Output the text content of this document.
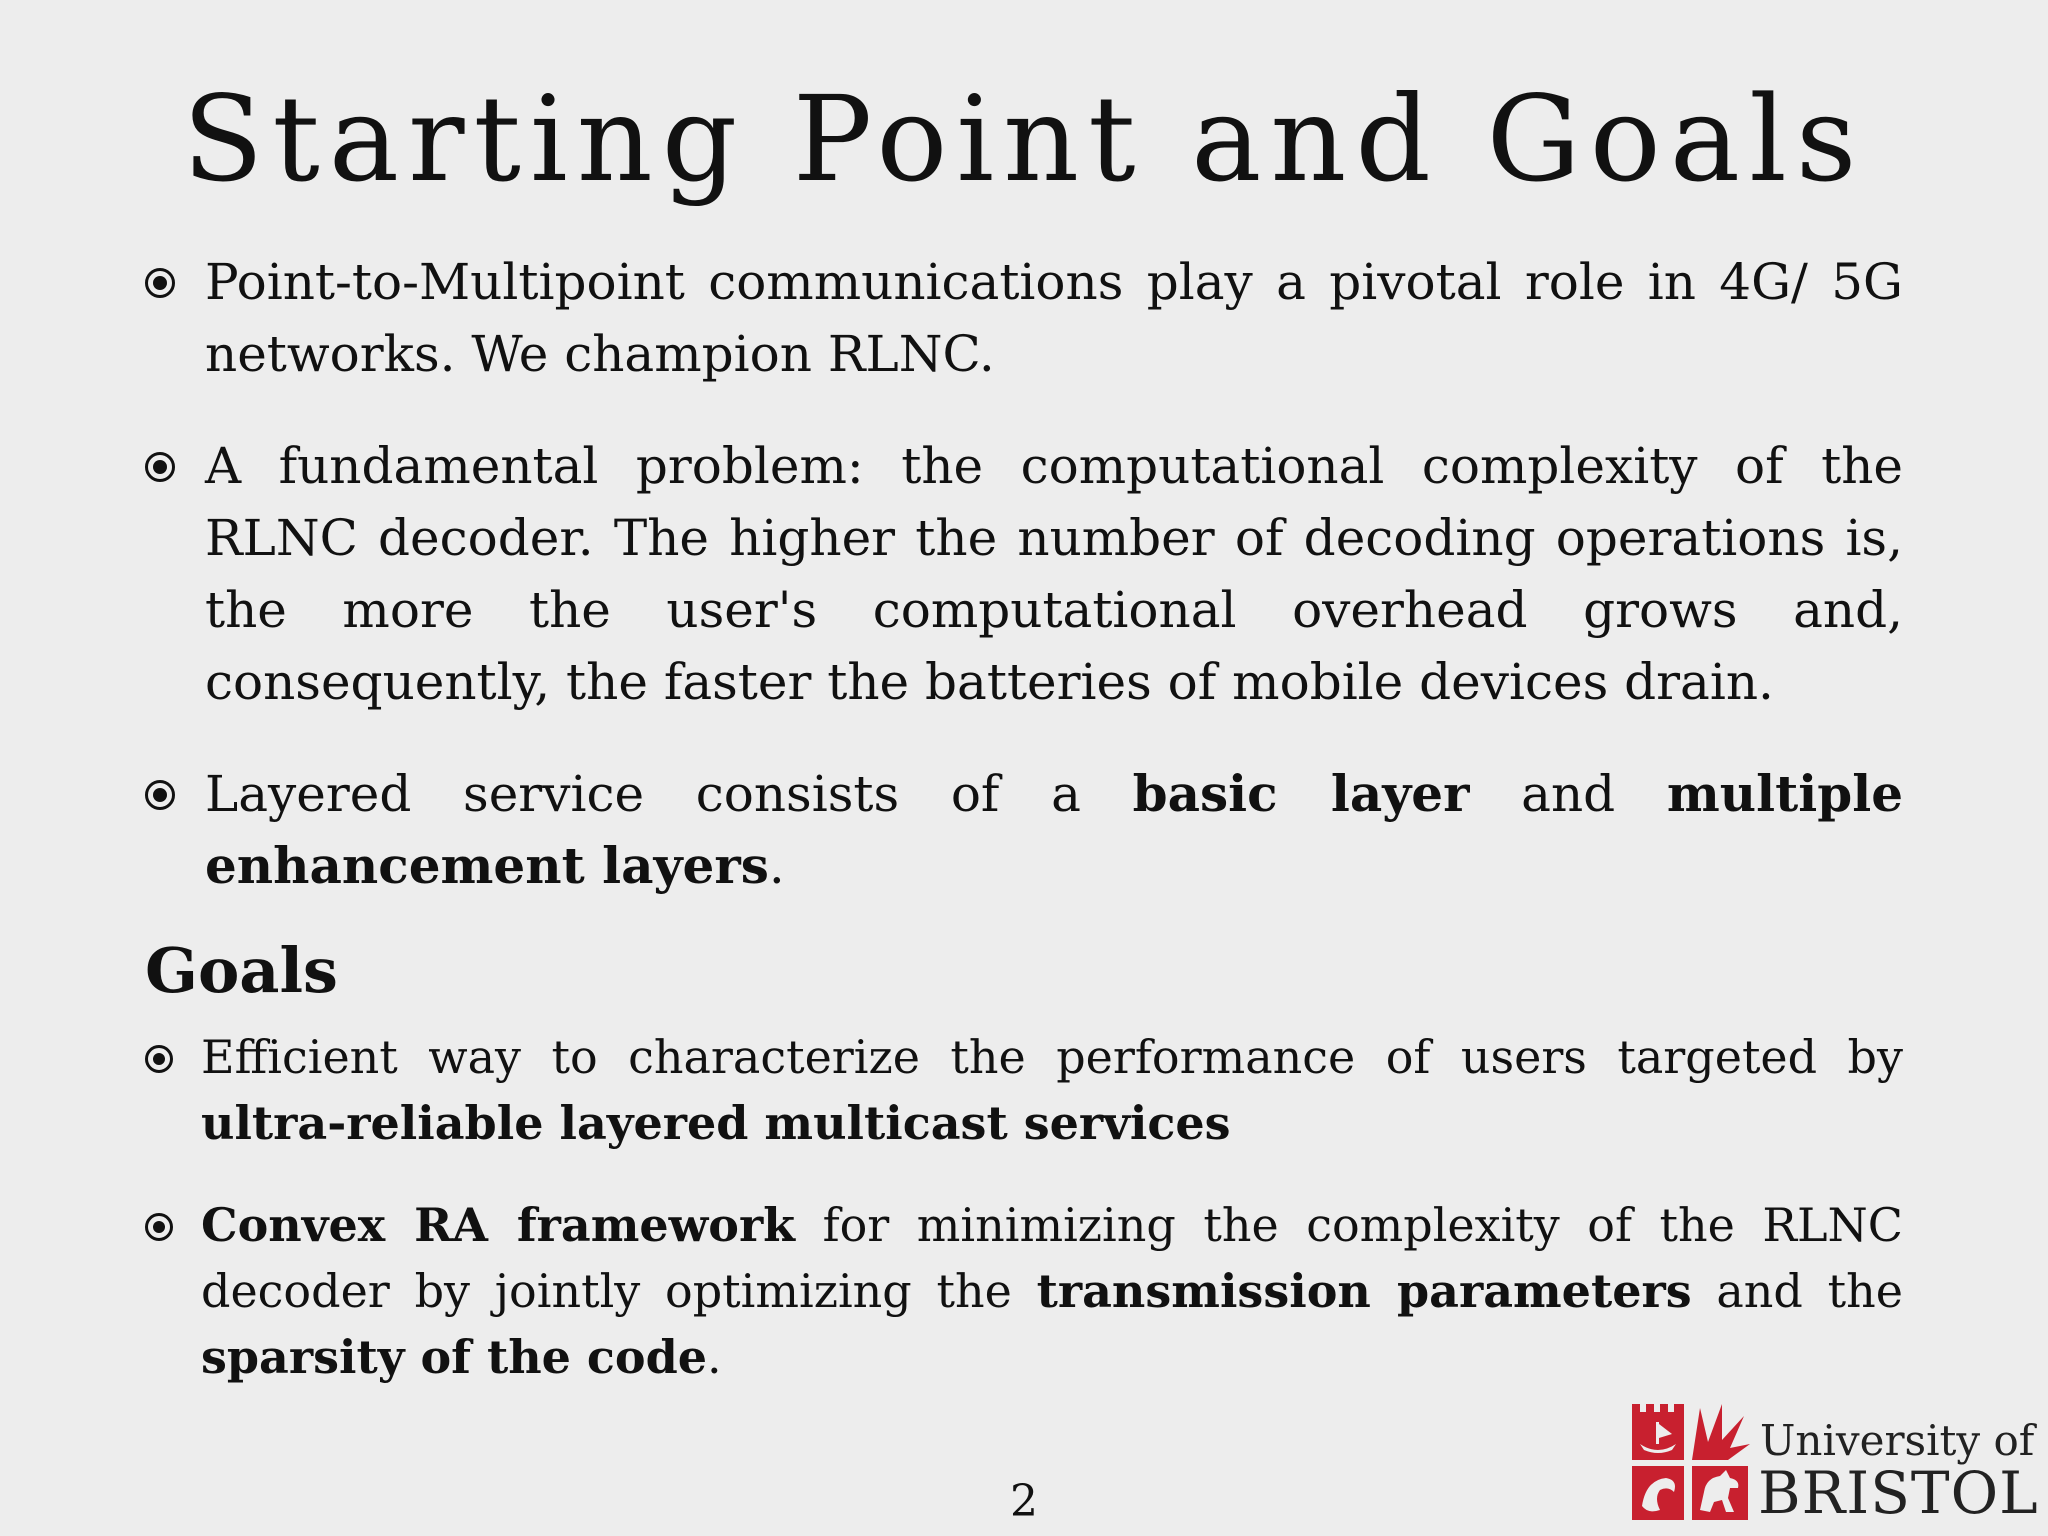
Starting Point and Goals
Point-to-Multipoint communications play a pivotal role in 4G/ 5G networks. We champion RLNC.
A fundamental problem: the computational complexity of the RLNC decoder. The higher the number of decoding operations is, the more the user's computational overhead grows and, consequently, the faster the batteries of mobile devices drain.
Layered service consists of a basic layer and multiple enhancement layers.
Goals
Efficient way to characterize the performance of users targeted by ultra-reliable layered multicast services
Convex RA framework for minimizing the complexity of the RLNC decoder by jointly optimizing the transmission parameters and the sparsity of the code.
2
University of
BRISTOL
